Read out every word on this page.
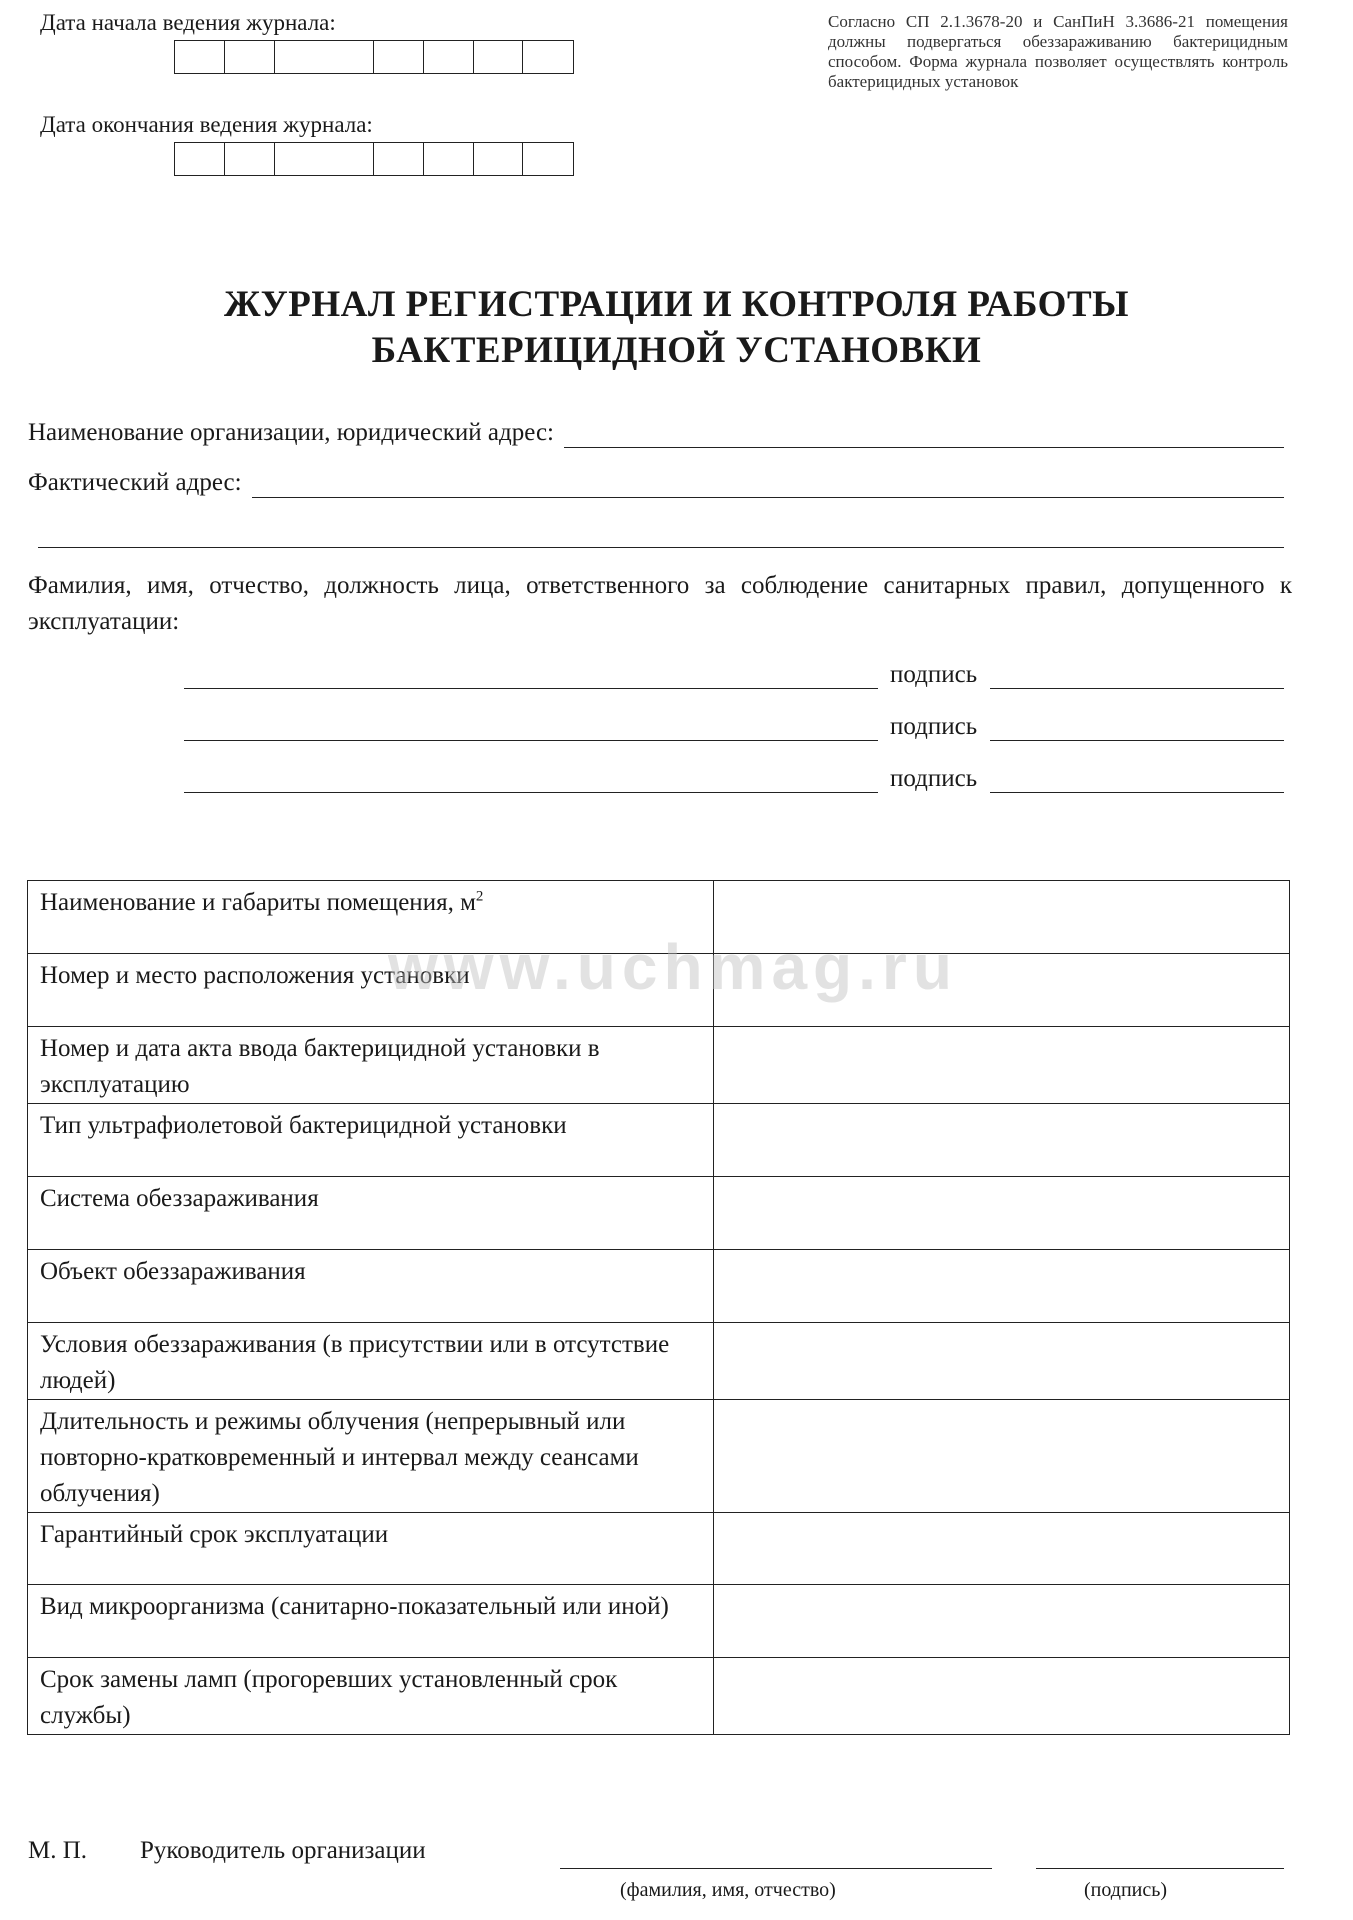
Дата начала ведения журнала:
Дата окончания ведения журнала:
Согласно СП 2.1.3678-20 и СанПиН 3.3686-21 помещения должны подвергаться обеззараживанию бактерицидным способом. Форма журнала позволяет осуществлять контроль бактерицидных установок
ЖУРНАЛ РЕГИСТРАЦИИ И КОНТРОЛЯ РАБОТЫ
БАКТЕРИЦИДНОЙ УСТАНОВКИ
Наименование организации, юридический адрес:
Фактический адрес:
Фамилия, имя, отчество, должность лица, ответственного за соблюдение санитарных правил, допущенного к эксплуатации:
подпись
подпись
подпись
Наименование и габариты помещения, $м^2$	
Номер и место расположения установки	
Номер и дата акта ввода бактерицидной установки в эксплуатацию	
Тип ультрафиолетовой бактерицидной установки	
Система обеззараживания	
Объект обеззараживания	
Условия обеззараживания (в присутствии или в отсутствие людей)	
Длительность и режимы облучения (непрерывный или повторно-кратковременный и интервал между сеансами облучения)	
Гарантийный срок эксплуатации	
Вид микроорганизма (санитарно-показательный или иной)	
Срок замены ламп (прогоревших установленный срок службы)	
www.uchmag.ru
М. П. Руководитель организации
(фамилия, имя, отчество)	(подпись)
